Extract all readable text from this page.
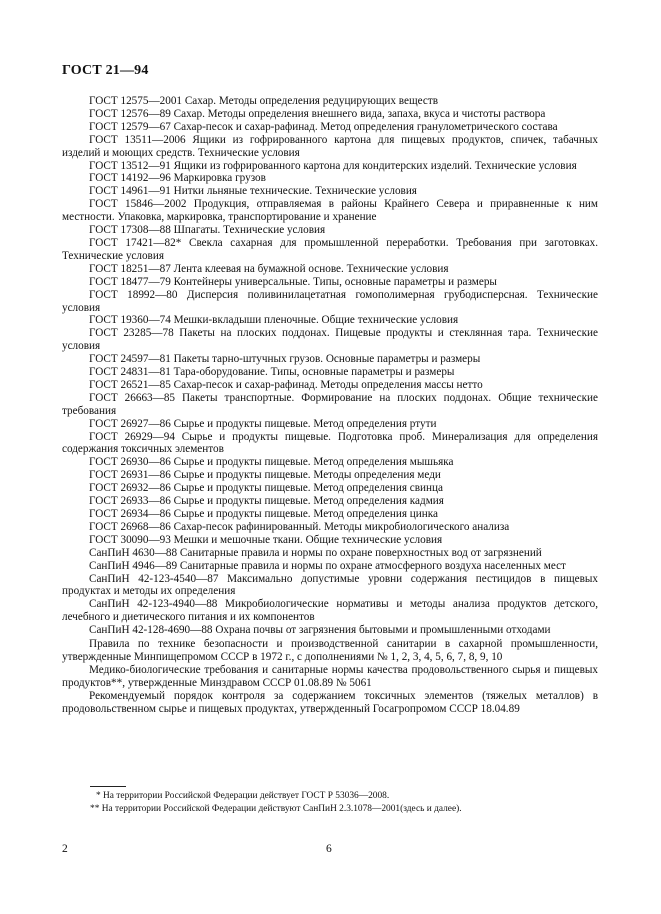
ГОСТ 21—94

ГОСТ 12575—2001 Сахар. Методы определения редуцирующих веществ

ГОСТ 12576—89 Сахар. Методы определения внешнего вида, запаха, вкуса и чистоты раствора

ГОСТ 12579—67 Сахар-песок и сахар-рафинад. Метод определения гранулометрического состава

ГОСТ 13511—2006 Ящики из гофрированного картона для пищевых продуктов, спичек, табачных изделий и моющих средств. Технические условия

ГОСТ 13512—91 Ящики из гофрированного картона для кондитерских изделий. Технические условия

ГОСТ 14192—96 Маркировка грузов

ГОСТ 14961—91 Нитки льняные технические. Технические условия

ГОСТ 15846—2002 Продукция, отправляемая в районы Крайнего Севера и приравненные к ним местности. Упаковка, маркировка, транспортирование и хранение

ГОСТ 17308—88 Шпагаты. Технические условия

ГОСТ 17421—82* Свекла сахарная для промышленной переработки. Требования при заготовках. Технические условия

ГОСТ 18251—87 Лента клеевая на бумажной основе. Технические условия

ГОСТ 18477—79 Контейнеры универсальные. Типы, основные параметры и размеры

ГОСТ 18992—80 Дисперсия поливинилацетатная гомополимерная грубодисперсная. Технические условия

ГОСТ 19360—74 Мешки-вкладыши пленочные. Общие технические условия

ГОСТ 23285—78 Пакеты на плоских поддонах. Пищевые продукты и стеклянная тара. Технические условия

ГОСТ 24597—81 Пакеты тарно-штучных грузов. Основные параметры и размеры

ГОСТ 24831—81 Тара-оборудование. Типы, основные параметры и размеры

ГОСТ 26521—85 Сахар-песок и сахар-рафинад. Методы определения массы нетто

ГОСТ 26663—85 Пакеты транспортные. Формирование на плоских поддонах. Общие технические требования

ГОСТ 26927—86 Сырье и продукты пищевые. Метод определения ртути

ГОСТ 26929—94 Сырье и продукты пищевые. Подготовка проб. Минерализация для определения содержания токсичных элементов

ГОСТ 26930—86 Сырье и продукты пищевые. Метод определения мышьяка

ГОСТ 26931—86 Сырье и продукты пищевые. Методы определения меди

ГОСТ 26932—86 Сырье и продукты пищевые. Метод определения свинца

ГОСТ 26933—86 Сырье и продукты пищевые. Метод определения кадмия

ГОСТ 26934—86 Сырье и продукты пищевые. Метод определения цинка

ГОСТ 26968—86 Сахар-песок рафинированный. Методы микробиологического анализа

ГОСТ 30090—93 Мешки и мешочные ткани. Общие технические условия

СанПиН 4630—88 Санитарные правила и нормы по охране поверхностных вод от загрязнений

СанПиН 4946—89 Санитарные правила и нормы по охране атмосферного воздуха населенных мест

СанПиН 42-123-4540—87 Максимально допустимые уровни содержания пестицидов в пищевых продуктах и методы их определения

СанПиН 42-123-4940—88 Микробиологические нормативы и методы анализа продуктов детского, лечебного и диетического питания и их компонентов

СанПиН 42-128-4690—88 Охрана почвы от загрязнения бытовыми и промышленными отходами

Правила по технике безопасности и производственной санитарии в сахарной промышленности, утвержденные Минпищепромом СССР в 1972 г., с дополнениями № 1, 2, 3, 4, 5, 6, 7, 8, 9, 10

Медико-биологические требования и санитарные нормы качества продовольственного сырья и пищевых продуктов**, утвержденные Минздравом СССР 01.08.89 № 5061

Рекомендуемый порядок контроля за содержанием токсичных элементов (тяжелых металлов) в продовольственном сырье и пищевых продуктах, утвержденный Госагропромом СССР 18.04.89

* На территории Российской Федерации действует ГОСТ Р 53036—2008.
** На территории Российской Федерации действуют СанПиН 2.3.1078—2001(здесь и далее).
2	6
